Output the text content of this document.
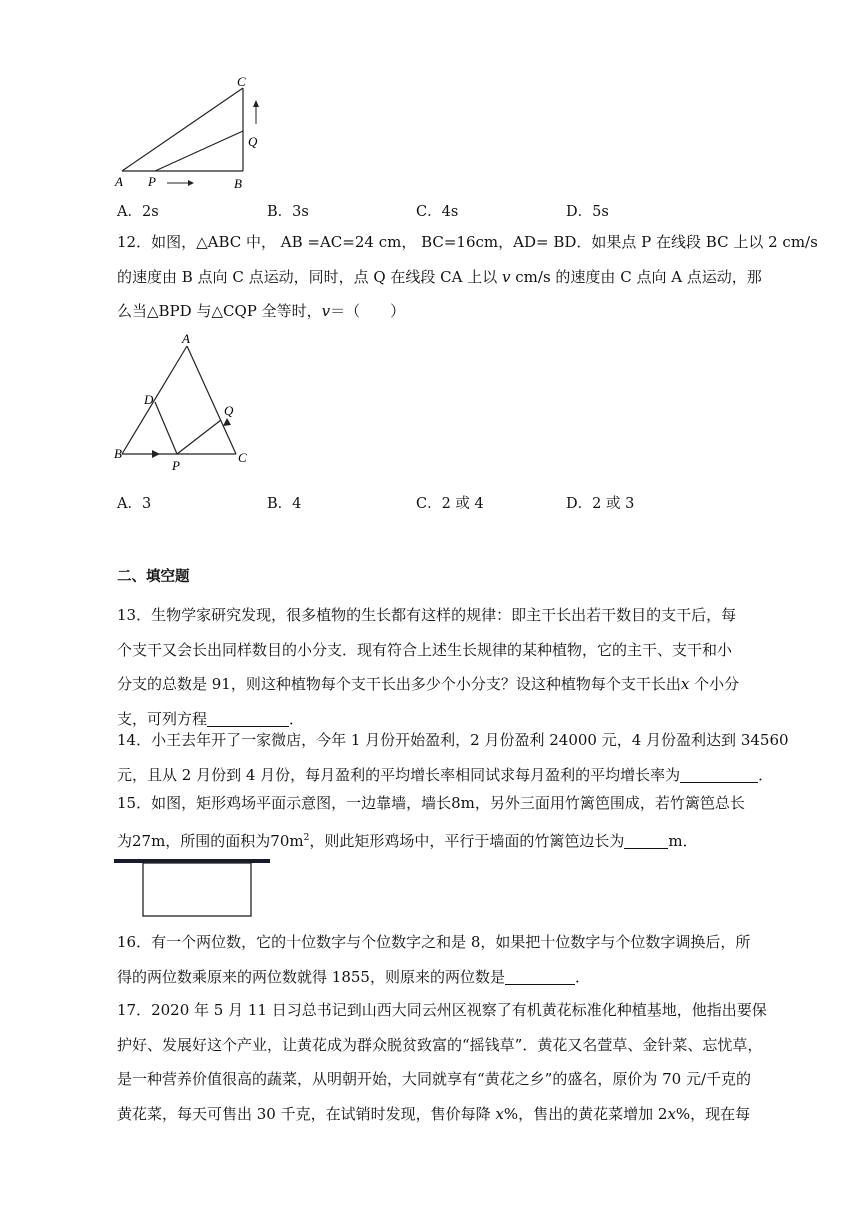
A P	B
C
Q
A．2s	B．3s	C．4s	D．5s
12．如图，△ABC 中， AB =AC=24 cm， BC=16cm，AD= BD．如果点 P 在线段 BC 上以 2 cm/s
的速度由 B 点向 C 点运动，同时，点 Q 在线段 CA 上以 v cm/s 的速度由 C 点向 A 点运动，那
么当△BPD 与△CQP 全等时，v＝（　　）
A
D
Q
B
P
C
A．3	B．4	C．2 或 4	D．2 或 3
二、填空题
13．生物学家研究发现，很多植物的生长都有这样的规律：即主干长出若干数目的支干后，每
个支干又会长出同样数目的小分支．现有符合上述生长规律的某种植物，它的主干、支干和小
分支的总数是 91，则这种植物每个支干长出多少个小分支？设这种植物每个支干长出x 个小分
支，可列方程	．
14．小王去年开了一家微店，今年 1 月份开始盈利，2 月份盈利 24000 元，4 月份盈利达到 34560
元，且从 2 月份到 4 月份，每月盈利的平均增长率相同试求每月盈利的平均增长率为	．
15．如图，矩形鸡场平面示意图，一边靠墙，墙长8m，另外三面用竹篱笆围成，若竹篱笆总长
为27m，所围的面积为$70m^2$，则此矩形鸡场中，平行于墙面的竹篱笆边长为	m．
16．有一个两位数，它的十位数字与个位数字之和是 8，如果把十位数字与个位数字调换后，所
得的两位数乘原来的两位数就得 1855，则原来的两位数是	．
17．2020 年 5 月 11 日习总书记到山西大同云州区视察了有机黄花标准化种植基地，他指出要保
护好、发展好这个产业，让黄花成为群众脱贫致富的“摇钱草”．黄花又名萱草、金针菜、忘忧草，
是一种营养价值很高的蔬菜，从明朝开始，大同就享有“黄花之乡”的盛名，原价为 70 元/千克的
黄花菜，每天可售出 30 千克，在试销时发现，售价每降 x%，售出的黄花菜增加 2x%，现在每
